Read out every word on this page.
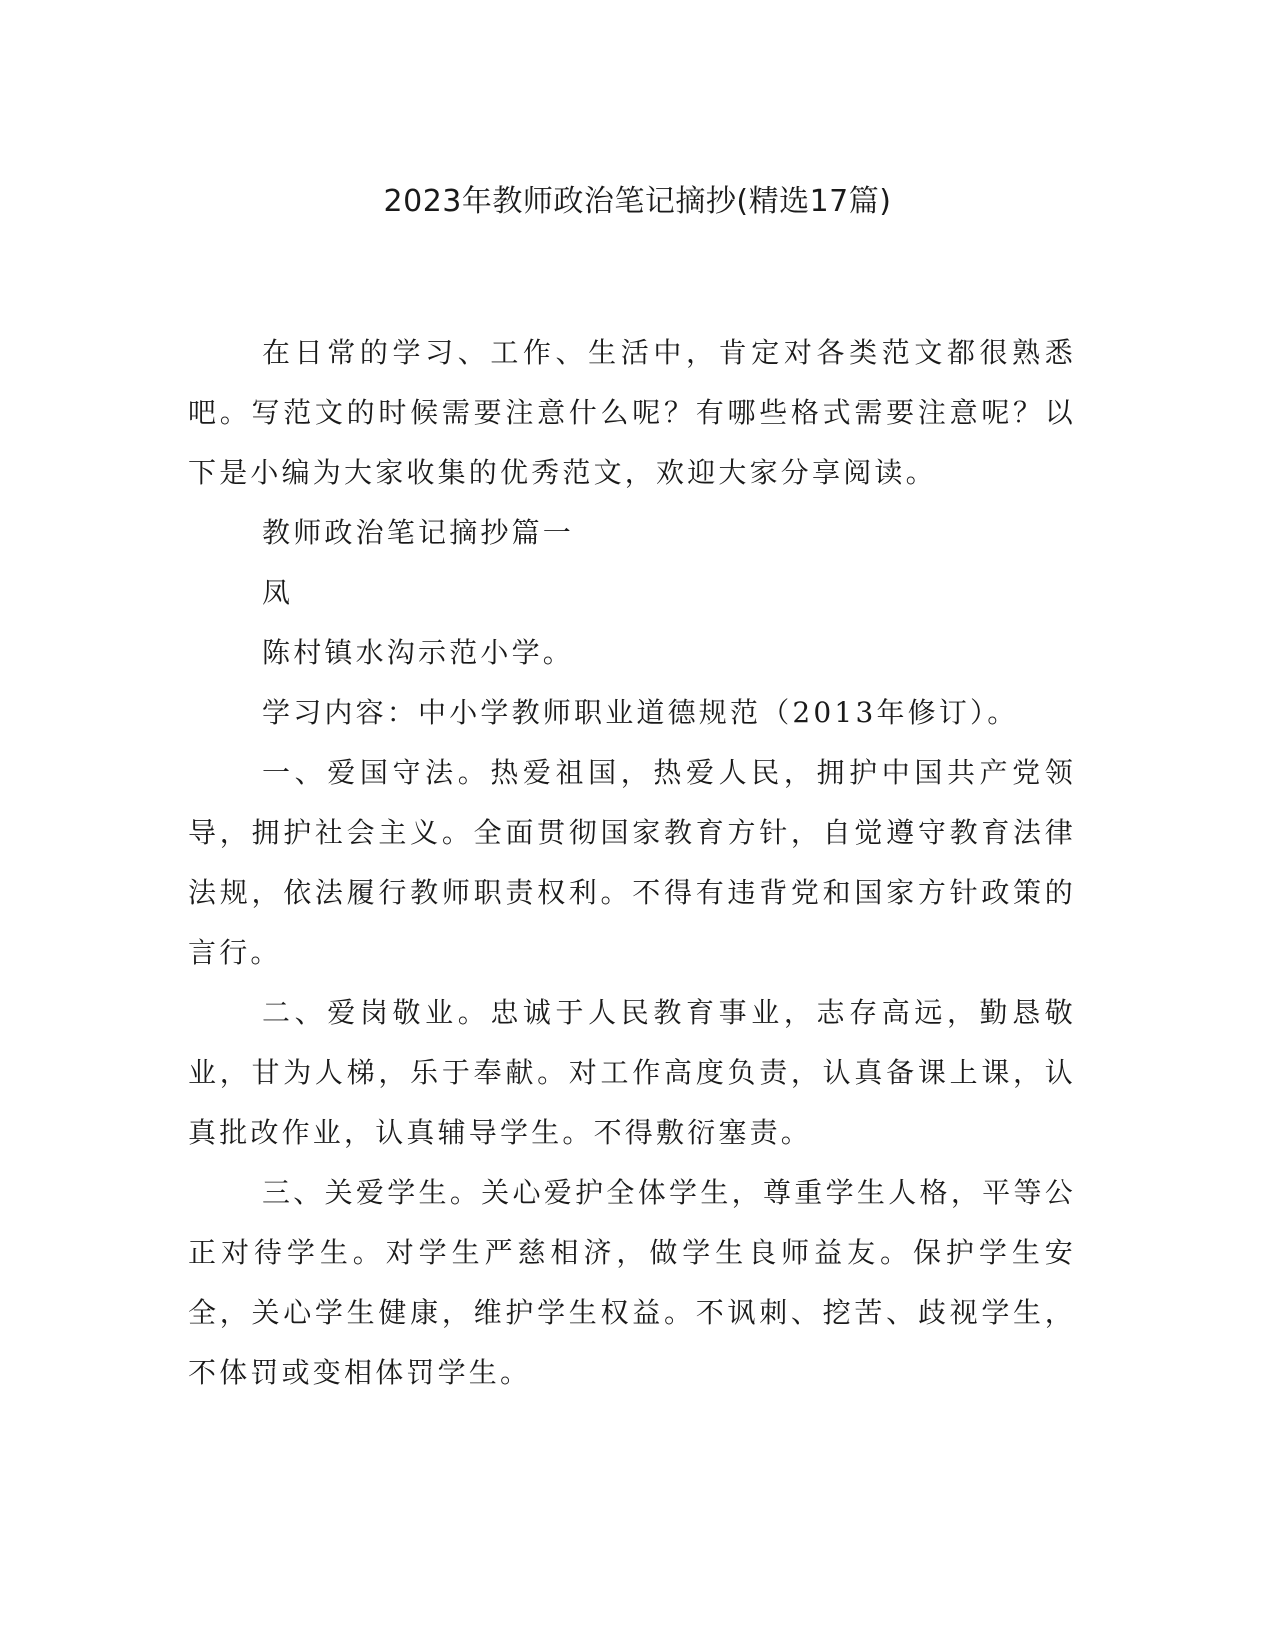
2023年教师政治笔记摘抄(精选17篇)

在日常的学习、工作、生活中，肯定对各类范文都很熟悉吧。写范文的时候需要注意什么呢？有哪些格式需要注意呢？以下是小编为大家收集的优秀范文，欢迎大家分享阅读。

教师政治笔记摘抄篇一

凤

陈村镇水沟示范小学。

学习内容：中小学教师职业道德规范（2013年修订）。

一、爱国守法。热爱祖国，热爱人民，拥护中国共产党领导，拥护社会主义。全面贯彻国家教育方针，自觉遵守教育法律法规，依法履行教师职责权利。不得有违背党和国家方针政策的言行。

二、爱岗敬业。忠诚于人民教育事业，志存高远，勤恳敬业，甘为人梯，乐于奉献。对工作高度负责，认真备课上课，认真批改作业，认真辅导学生。不得敷衍塞责。

三、关爱学生。关心爱护全体学生，尊重学生人格，平等公正对待学生。对学生严慈相济，做学生良师益友。保护学生安全，关心学生健康，维护学生权益。不讽刺、挖苦、歧视学生，不体罚或变相体罚学生。
